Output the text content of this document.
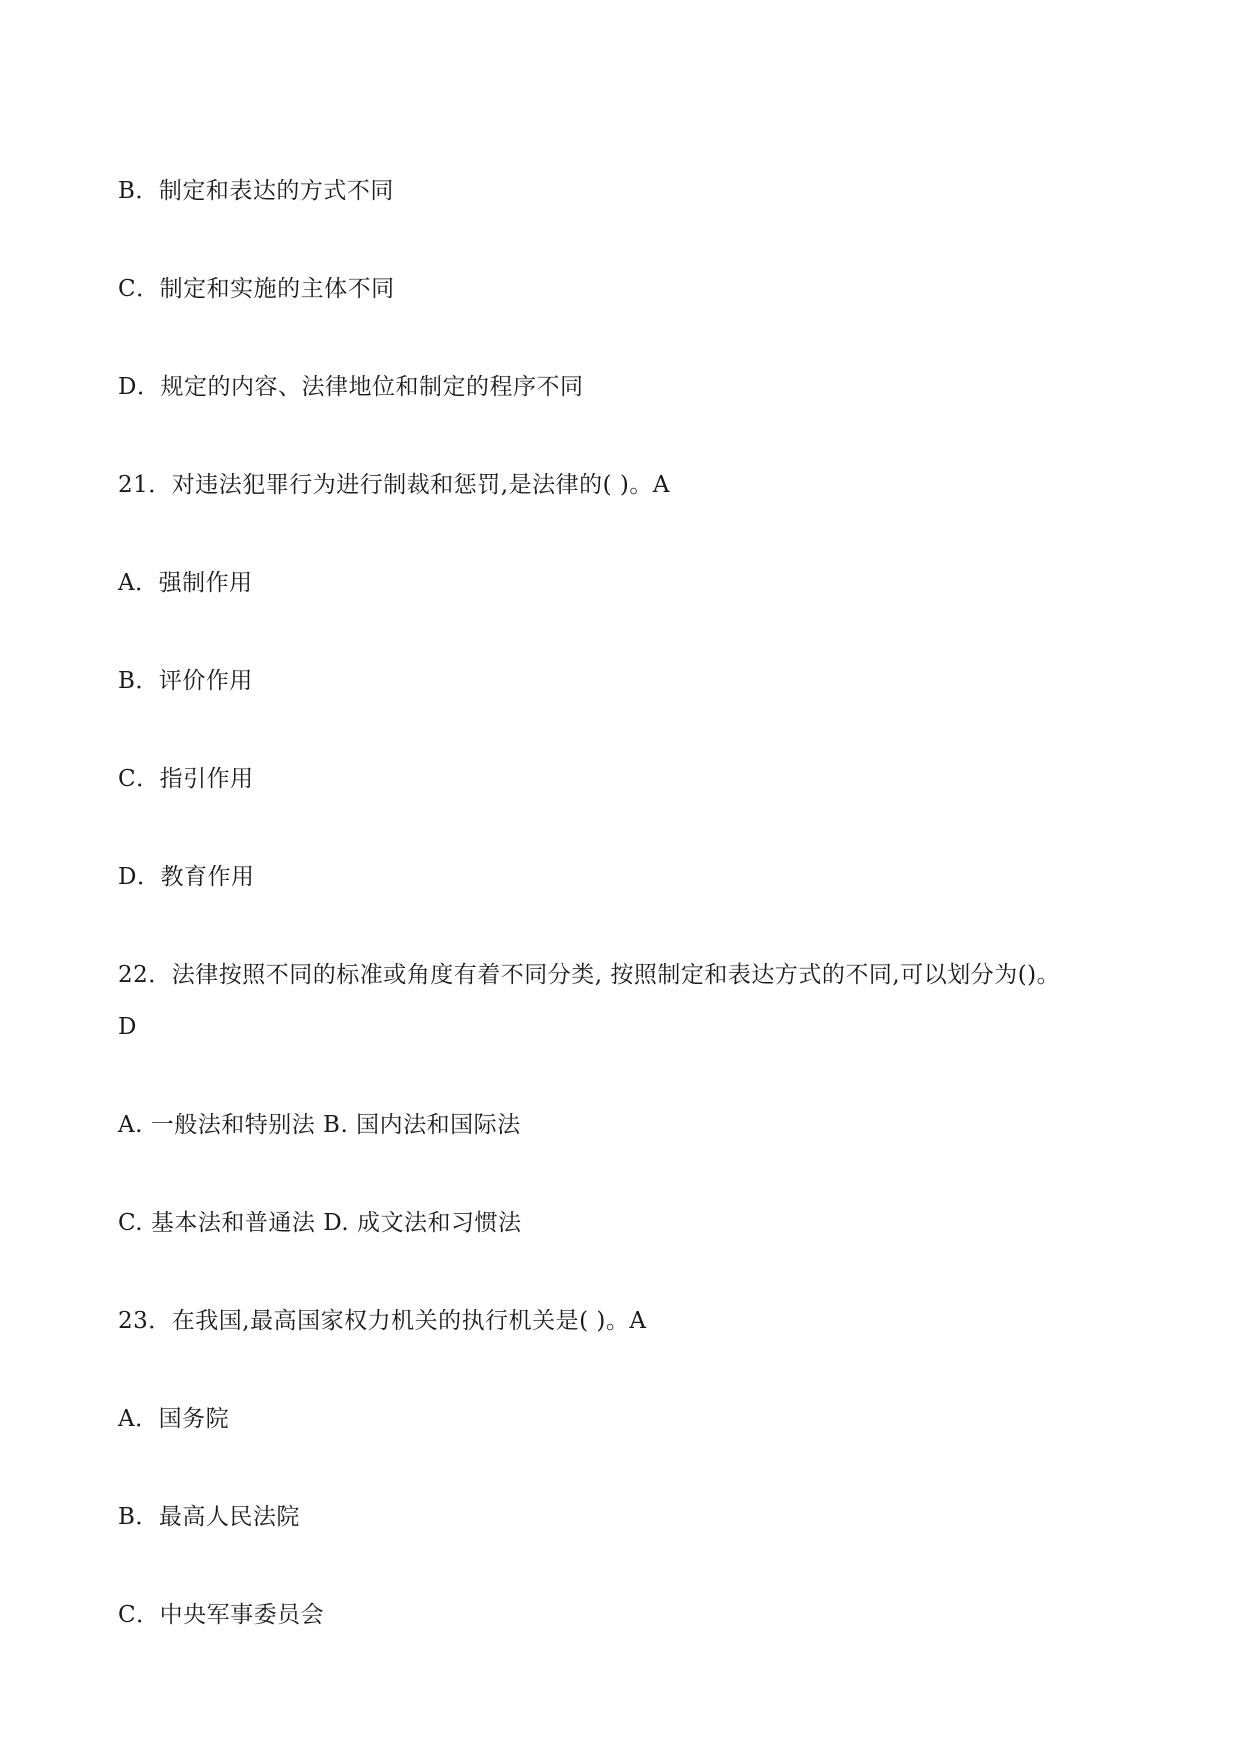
B．制定和表达的方式不同
C．制定和实施的主体不同
D．规定的内容、法律地位和制定的程序不同
21．对违法犯罪行为进行制裁和惩罚,是法律的( )。A
A．强制作用
B．评价作用
C．指引作用
D．教育作用
22．法律按照不同的标准或角度有着不同分类, 按照制定和表达方式的不同,可以划分为()。
D
A. 一般法和特别法 B. 国内法和国际法
C. 基本法和普通法 D. 成文法和习惯法
23．在我国,最高国家权力机关的执行机关是( )。A
A．国务院
B．最高人民法院
C．中央军事委员会
